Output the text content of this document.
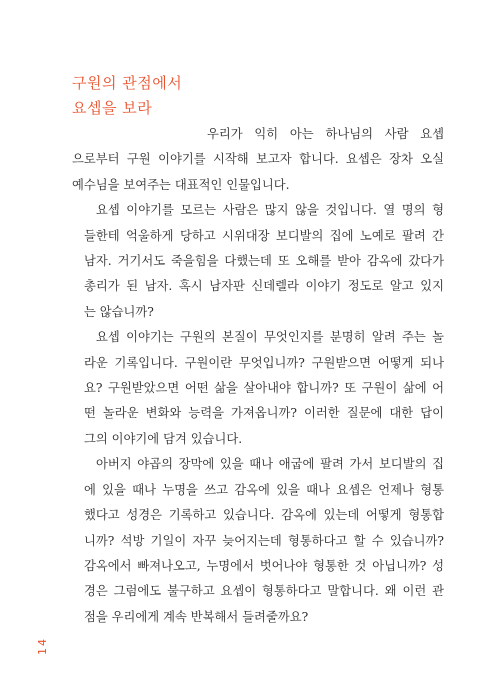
구원의 관점에서
요셉을 보라

우리가 익히 아는 하나님의 사람 요셉
으로부터 구원 이야기를 시작해 보고자 합니다. 요셉은 장차 오실
예수님을 보여주는 대표적인 인물입니다.

요셉 이야기를 모르는 사람은 많지 않을 것입니다. 열 명의 형
들한테 억울하게 당하고 시위대장 보디발의 집에 노예로 팔려 간
남자. 거기서도 죽을힘을 다했는데 또 오해를 받아 감옥에 갔다가
총리가 된 남자. 혹시 남자판 신데렐라 이야기 정도로 알고 있지
는 않습니까?

요셉 이야기는 구원의 본질이 무엇인지를 분명히 알려 주는 놀
라운 기록입니다. 구원이란 무엇입니까? 구원받으면 어떻게 되나
요? 구원받았으면 어떤 삶을 살아내야 합니까? 또 구원이 삶에 어
떤 놀라운 변화와 능력을 가져옵니까? 이러한 질문에 대한 답이
그의 이야기에 담겨 있습니다.

아버지 야곱의 장막에 있을 때나 애굽에 팔려 가서 보디발의 집
에 있을 때나 누명을 쓰고 감옥에 있을 때나 요셉은 언제나 형통
했다고 성경은 기록하고 있습니다. 감옥에 있는데 어떻게 형통합
니까? 석방 기일이 자꾸 늦어지는데 형통하다고 할 수 있습니까?
감옥에서 빠져나오고, 누명에서 벗어나야 형통한 것 아닙니까? 성
경은 그럼에도 불구하고 요셉이 형통하다고 말합니다. 왜 이런 관
점을 우리에게 계속 반복해서 들려줄까요?

14
